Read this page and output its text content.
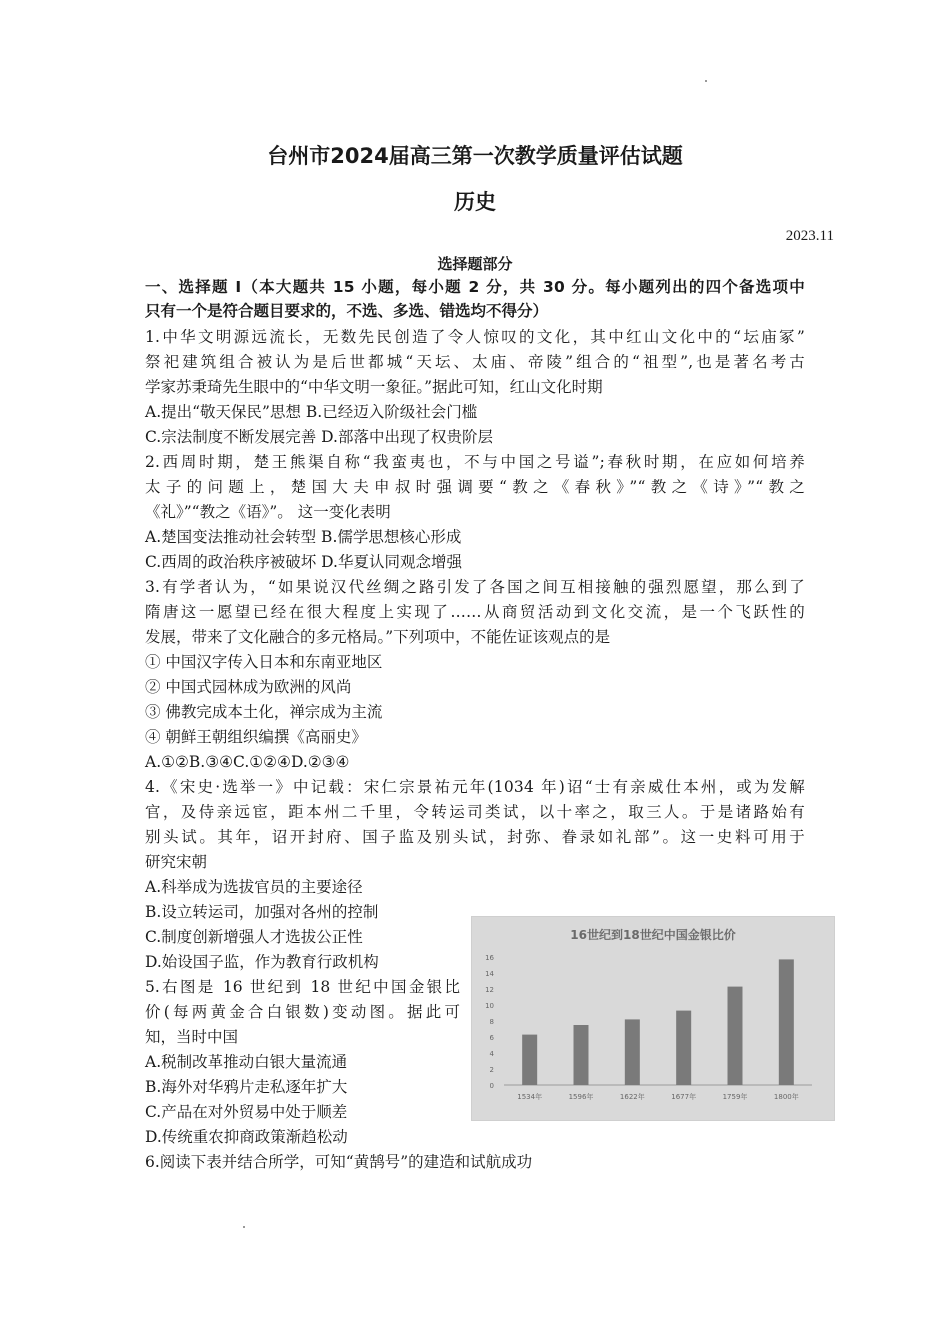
台州市2024届高三第一次教学质量评估试题
历史
2023.11
选择题部分
一、选择题 I（本大题共 15 小题，每小题 2 分，共 30 分。每小题列出的四个备选项中
只有一个是符合题目要求的，不选、多选、错选均不得分）
1.中华文明源远流长，无数先民创造了令人惊叹的文化，其中红山文化中的“坛庙冢”
祭祀建筑组合被认为是后世都城“天坛、太庙、帝陵”组合的“祖型”,也是著名考古
学家苏秉琦先生眼中的“中华文明一象征。”据此可知，红山文化时期
A.提出“敬天保民”思想 B.已经迈入阶级社会门槛
C.宗法制度不断发展完善 D.部落中出现了权贵阶层
2.西周时期，楚王熊渠自称“我蛮夷也，不与中国之号谥”;春秋时期，在应如何培养
太子的问题上，楚国大夫申叔时强调要“教之《春秋》”“教之《诗》”“教之
《礼》”“教之《语》”。 这一变化表明
A.楚国变法推动社会转型 B.儒学思想核心形成
C.西周的政治秩序被破坏 D.华夏认同观念增强
3.有学者认为，“如果说汉代丝绸之路引发了各国之间互相接触的强烈愿望，那么到了
隋唐这一愿望已经在很大程度上实现了……从商贸活动到文化交流，是一个飞跃性的
发展，带来了文化融合的多元格局。”下列项中，不能佐证该观点的是
① 中国汉字传入日本和东南亚地区
② 中国式园林成为欧洲的风尚
③ 佛教完成本土化，禅宗成为主流
④ 朝鲜王朝组织编撰《高丽史》
A.①②B.③④C.①②④D.②③④
4.《宋史·选举一》中记载：宋仁宗景祐元年(1034 年)诏“士有亲威仕本州，或为发解
官，及侍亲远宦，距本州二千里，令转运司类试，以十率之，取三人。于是诸路始有
别头试。其年，诏开封府、国子监及别头试，封弥、眷录如礼部”。这一史料可用于
研究宋朝
A.科举成为选拔官员的主要途径
B.设立转运司，加强对各州的控制
C.制度创新增强人才选拔公正性
D.始设国子监，作为教育行政机构
5.右图是 16 世纪到 18 世纪中国金银比
价(每两黄金合白银数)变动图。据此可
知，当时中国
A.税制改革推动白银大量流通
B.海外对华鸦片走私逐年扩大
C.产品在对外贸易中处于顺差
D.传统重农抑商政策渐趋松动
6.阅读下表并结合所学，可知“黄鹄号”的建造和试航成功
16世纪到18世纪中国金银比价
0
2
4
6
8
10
12
14
16
1534年	1596年	1622年	1677年	1759年	1800年
